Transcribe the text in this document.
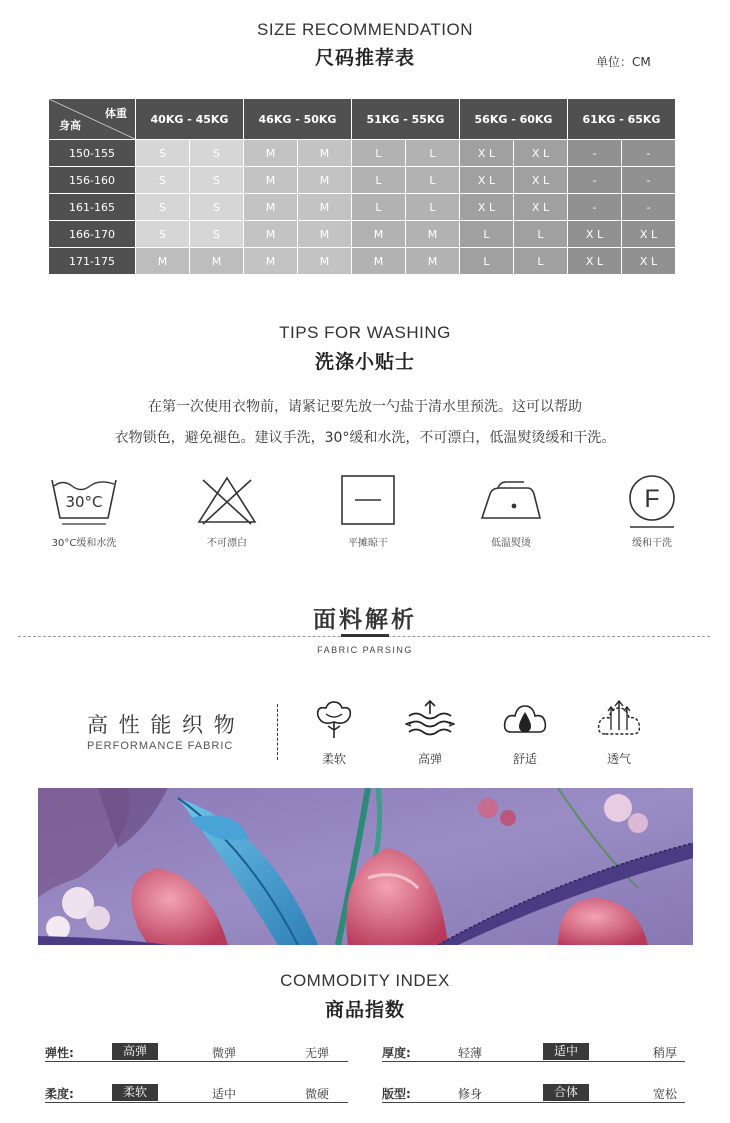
SIZE RECOMMENDATION
尺码推荐表	单位：CM
体重
身高	40KG - 45KG		46KG - 50KG		51KG - 55KG		56KG - 60KG		61KG - 65KG	
150-155	S	S	M	M	L	L	X L	X L	-	-
156-160	S	S	M	M	L	L	X L	X L	-	-
161-165	S	S	M	M	L	L	X L	X L	-	-
166-170	S	S	M	M	M	M	L	L	X L	X L
171-175	M	M	M	M	M	M	L	L	X L	X L
TIPS FOR WASHING
洗涤小贴士
在第一次使用衣物前，请紧记要先放一勺盐于清水里预洗。这可以帮助
衣物锁色，避免褪色。建议手洗，30°缓和水洗，不可漂白，低温熨烫缓和干洗。
30°C
30°C缓和水洗	不可漂白	平摊晾干	低温熨烫
F
缓和干洗
面料解析
FABRIC PARSING
高 性 能 织 物
PERFORMANCE FABRIC
柔软	高弹	舒适	透气
COMMODITY INDEX
商品指数
弹性:	高弹	微弹	无弹	厚度:	轻薄	适中	稍厚
柔度:	柔软	适中	微硬	版型:	修身	合体	宽松
